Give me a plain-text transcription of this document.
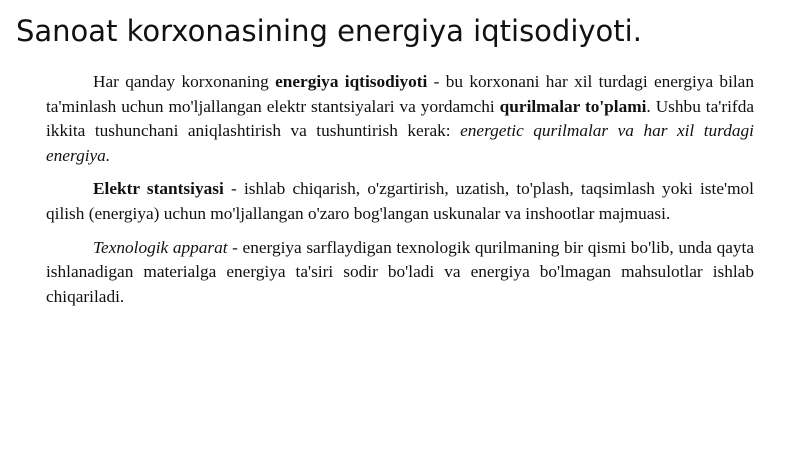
Sanoat korxonasining energiya iqtisodiyoti.

Har qanday korxonaning energiya iqtisodiyoti - bu korxonani har xil turdagi energiya bilan ta'minlash uchun mo'ljallangan elektr stantsiyalari va yordamchi qurilmalar to'plami. Ushbu ta'rifda ikkita tushunchani aniqlashtirish va tushuntirish kerak: energetic qurilmalar va har xil turdagi energiya.

Elektr stantsiyasi - ishlab chiqarish, o'zgartirish, uzatish, to'plash, taqsimlash yoki iste'mol qilish (energiya) uchun mo'ljallangan o'zaro bog'langan uskunalar va inshootlar majmuasi.

Texnologik apparat - energiya sarflaydigan texnologik qurilmaning bir qismi bo'lib, unda qayta ishlanadigan materialga energiya ta'siri sodir bo'ladi va energiya bo'lmagan mahsulotlar ishlab chiqariladi.
